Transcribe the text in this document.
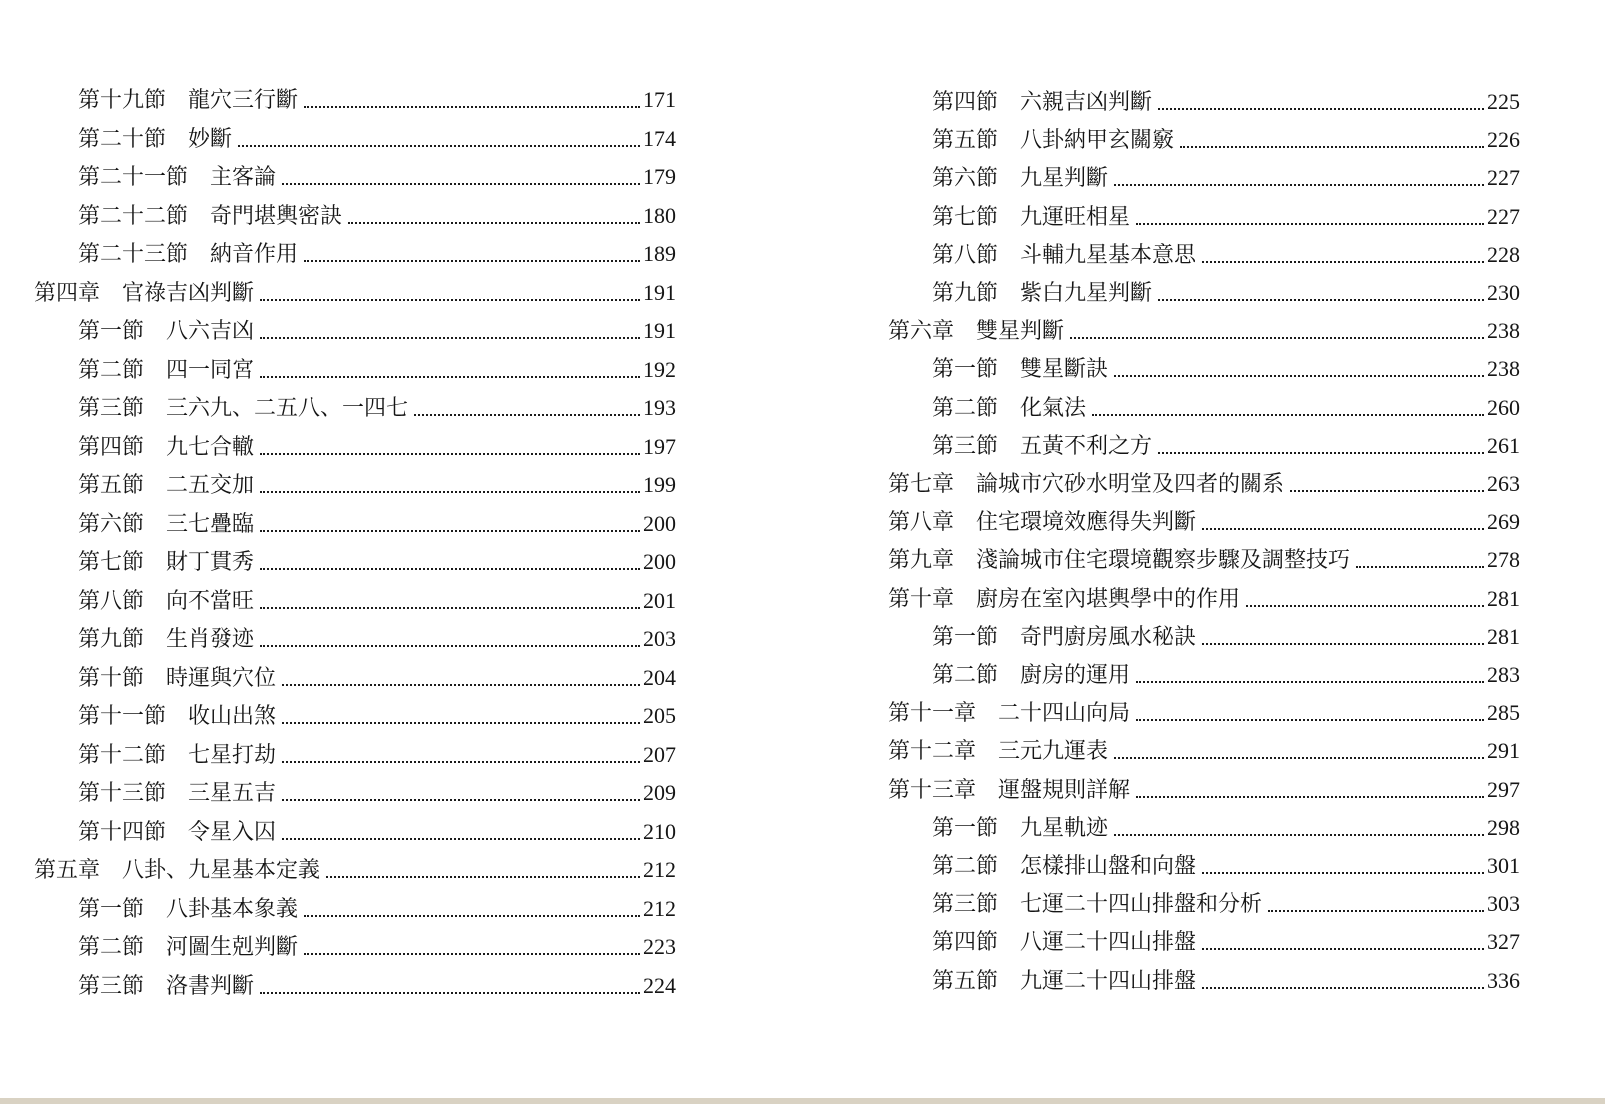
第十九節 龍穴三行斷	171
第二十節 妙斷	174
第二十一節 主客論	179
第二十二節 奇門堪輿密訣	180
第二十三節 納音作用	189
第四章 官祿吉凶判斷	191
第一節 八六吉凶	191
第二節 四一同宮	192
第三節 三六九、二五八、一四七	193
第四節 九七合轍	197
第五節 二五交加	199
第六節 三七疊臨	200
第七節 財丁貫秀	200
第八節 向不當旺	201
第九節 生肖發迹	203
第十節 時運與穴位	204
第十一節 收山出煞	205
第十二節 七星打劫	207
第十三節 三星五吉	209
第十四節 令星入囚	210
第五章 八卦、九星基本定義	212
第一節 八卦基本象義	212
第二節 河圖生剋判斷	223
第三節 洛書判斷	224
第四節 六親吉凶判斷	225
第五節 八卦納甲玄關竅	226
第六節 九星判斷	227
第七節 九運旺相星	227
第八節 斗輔九星基本意思	228
第九節 紫白九星判斷	230
第六章 雙星判斷	238
第一節 雙星斷訣	238
第二節 化氣法	260
第三節 五黃不利之方	261
第七章 論城市穴砂水明堂及四者的關系	263
第八章 住宅環境效應得失判斷	269
第九章 淺論城市住宅環境觀察步驟及調整技巧	278
第十章 廚房在室內堪輿學中的作用	281
第一節 奇門廚房風水秘訣	281
第二節 廚房的運用	283
第十一章 二十四山向局	285
第十二章 三元九運表	291
第十三章 運盤規則詳解	297
第一節 九星軌迹	298
第二節 怎樣排山盤和向盤	301
第三節 七運二十四山排盤和分析	303
第四節 八運二十四山排盤	327
第五節 九運二十四山排盤	336
